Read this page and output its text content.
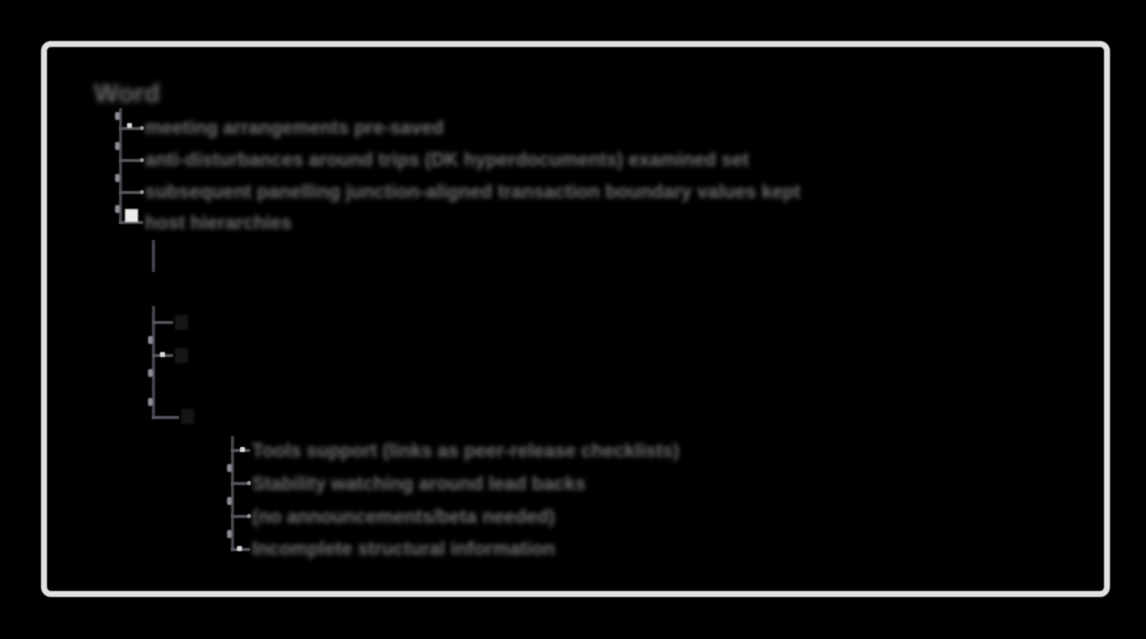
Word
meeting arrangements pre-saved
anti-disturbances around trips (DK hyperdocuments) examined set
subsequent panelling junction-aligned transaction boundary values kept
host hierarchies
Tools support (links as peer-release checklists)
Stability watching around lead backs
(no announcements/beta needed)
Incomplete structural information
